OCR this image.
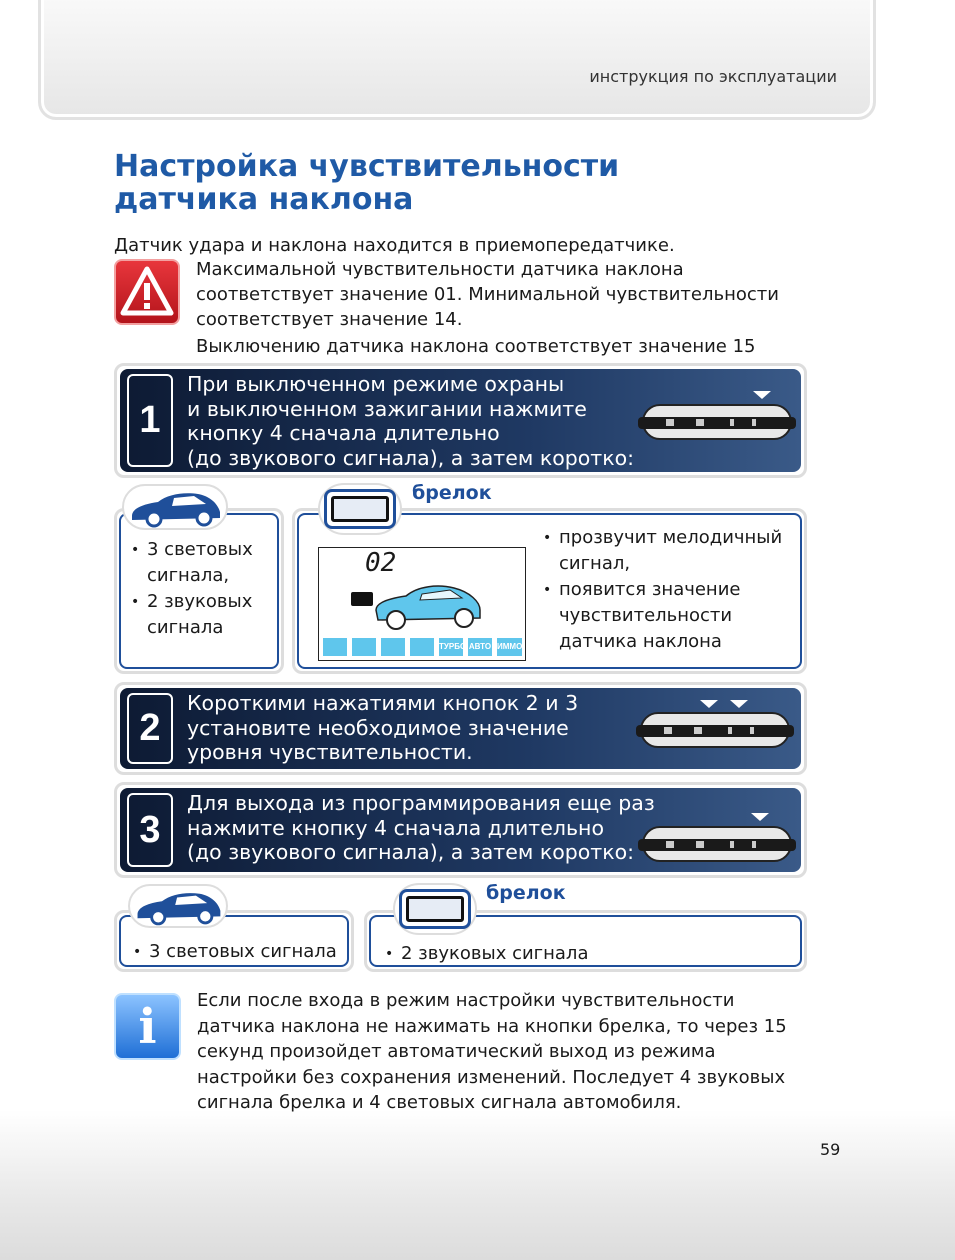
инструкция по эксплуатации
Настройка чувствительности
датчика наклона
Датчик удара и наклона находится в приемопередатчике.
Максимальной чувствительности датчика наклона
соответствует значение 01. Минимальной чувствительности
соответствует значение 14.
Выключению датчика наклона соответствует значение 15
1
При выключенном режиме охраны
и выключенном зажигании нажмите
кнопку 4 сначала длительно
(до звукового сигнала), а затем коротко:
• 3 световых сигнала,
• 2 звуковых сигнала
• прозвучит мелодичный сигнал,
• появится значение чувствительности датчика наклона
брелок
02
ТУРБО АВТО ИММО
2
Короткими нажатиями кнопок 2 и 3
установите необходимое значение
уровня чувствительности.
3
Для выхода из программирования еще раз
нажмите кнопку 4 сначала длительно
(до звукового сигнала), а затем коротко:
• 3 световых сигнала	• 2 звуковых сигнала
брелок
i	Если после входа в режим настройки чувствительности
датчика наклона не нажимать на кнопки брелка, то через 15
секунд произойдет автоматический выход из режима
настройки без сохранения изменений. Последует 4 звуковых
сигнала брелка и 4 световых сигнала автомобиля.
59
